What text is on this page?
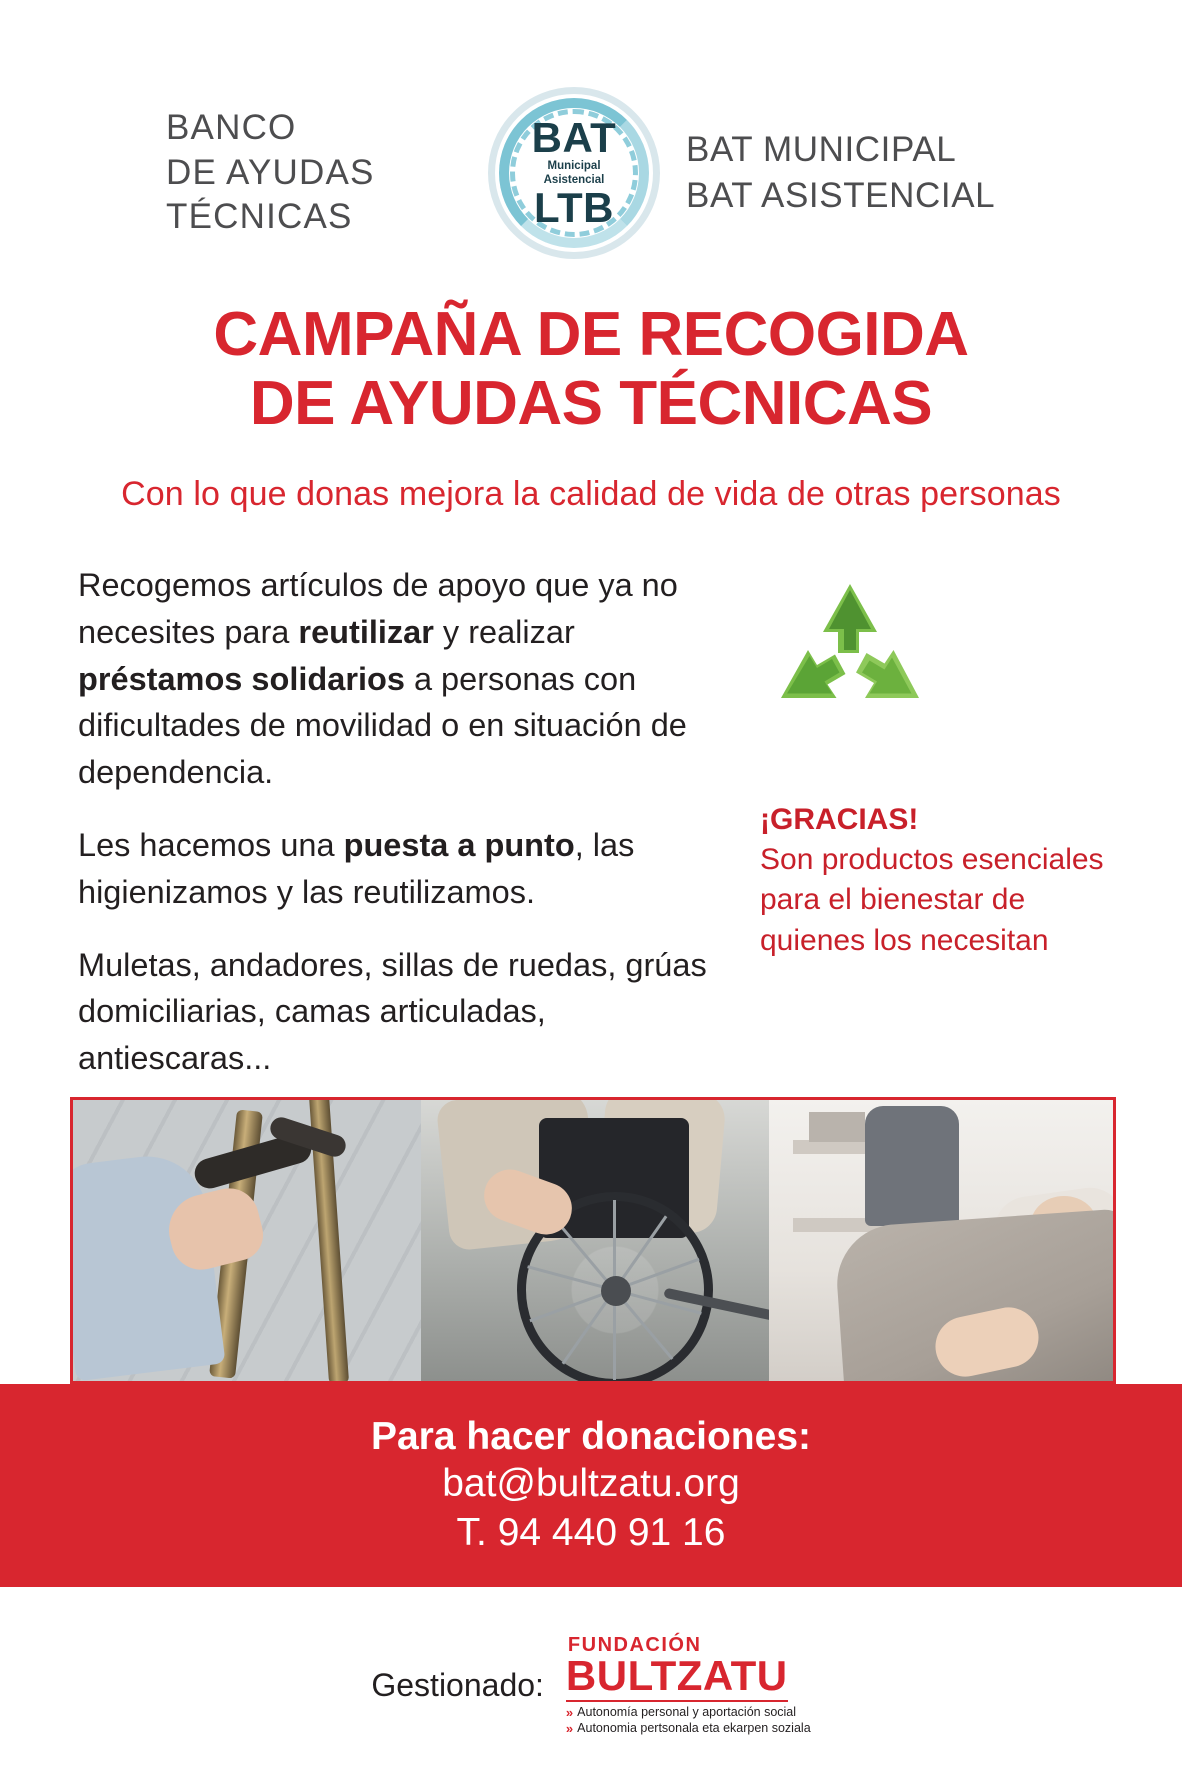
BANCO
DE AYUDAS
TÉCNICAS
BAT
Municipal
Asistencial
LTB
BAT MUNICIPAL
BAT ASISTENCIAL
CAMPAÑA DE RECOGIDA
DE AYUDAS TÉCNICAS
Con lo que donas mejora la calidad de vida de otras personas

Recogemos artículos de apoyo que ya no necesites para reutilizar y realizar préstamos solidarios a personas con dificultades de movilidad o en situación de dependencia.

Les hacemos una puesta a punto, las higienizamos y las reutilizamos.

Muletas, andadores, sillas de ruedas, grúas domiciliarias, camas articuladas, antiescaras...

¡GRACIAS!
Son productos esenciales para el bienestar de quienes los necesitan
Para hacer donaciones:
bat@bultzatu.org
T. 94 440 91 16
Gestionado:
FUNDACIÓN
BULTZATU
» Autonomía personal y aportación social
» Autonomia pertsonala eta ekarpen soziala
